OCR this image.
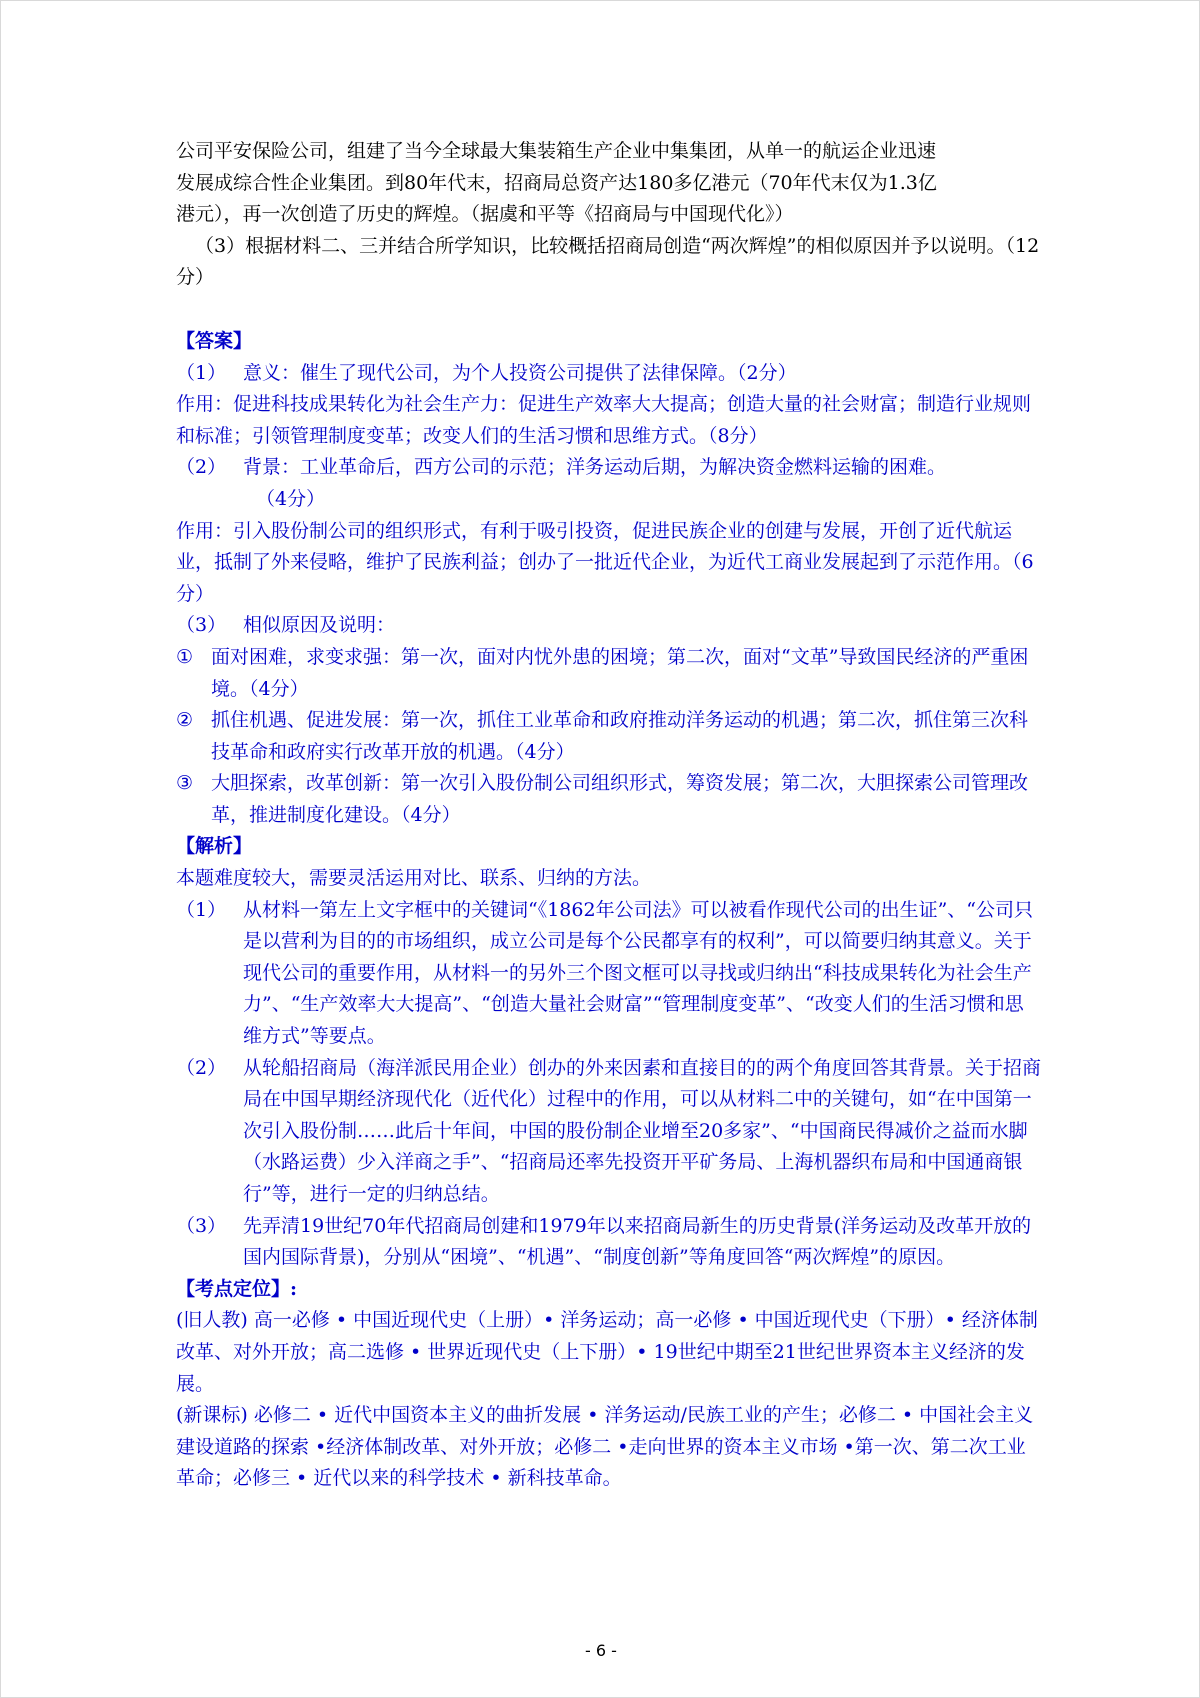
公司平安保险公司，组建了当今全球最大集装箱生产企业中集集团，从单一的航运企业迅速

发展成综合性企业集团。到80年代末，招商局总资产达180多亿港元（70年代末仅为1.3亿

港元），再一次创造了历史的辉煌。（据虞和平等《招商局与中国现代化》）

（3）根据材料二、三并结合所学知识，比较概括招商局创造“两次辉煌”的相似原因并予以说明。（12分）

【答案】

（1） 意义：催生了现代公司，为个人投资公司提供了法律保障。（2分）

作用：促进科技成果转化为社会生产力：促进生产效率大大提高；创造大量的社会财富；制造行业规则和标准；引领管理制度变革；改变人们的生活习惯和思维方式。（8分）

（2） 背景：工业革命后，西方公司的示范；洋务运动后期，为解决资金燃料运输的困难。

（4分）

作用：引入股份制公司的组织形式，有利于吸引投资，促进民族企业的创建与发展，开创了近代航运业，抵制了外来侵略，维护了民族利益；创办了一批近代企业，为近代工商业发展起到了示范作用。（6分）

（3） 相似原因及说明：
① 面对困难，求变求强：第一次，面对内忧外患的困境；第二次，面对“文革”导致国民经济的严重困境。（4分）
② 抓住机遇、促进发展：第一次，抓住工业革命和政府推动洋务运动的机遇；第二次，抓住第三次科技革命和政府实行改革开放的机遇。（4分）
③ 大胆探索，改革创新：第一次引入股份制公司组织形式，筹资发展；第二次，大胆探索公司管理改革，推进制度化建设。（4分）

【解析】

本题难度较大，需要灵活运用对比、联系、归纳的方法。

（1） 从材料一第左上文字框中的关键词“《1862年公司法》可以被看作现代公司的出生证”、“公司只是以营利为目的的市场组织，成立公司是每个公民都享有的权利”，可以简要归纳其意义。关于现代公司的重要作用，从材料一的另外三个图文框可以寻找或归纳出“科技成果转化为社会生产力”、“生产效率大大提高”、“创造大量社会财富”“管理制度变革”、“改变人们的生活习惯和思维方式”等要点。
（2） 从轮船招商局（海洋派民用企业）创办的外来因素和直接目的的两个角度回答其背景。关于招商局在中国早期经济现代化（近代化）过程中的作用，可以从材料二中的关键句，如“在中国第一次引入股份制……此后十年间，中国的股份制企业增至20多家”、“中国商民得减价之益而水脚（水路运费）少入洋商之手”、“招商局还率先投资开平矿务局、上海机器织布局和中国通商银行”等，进行一定的归纳总结。
（3） 先弄清19世纪70年代招商局创建和1979年以来招商局新生的历史背景(洋务运动及改革开放的国内国际背景)，分别从“困境”、“机遇”、“制度创新”等角度回答“两次辉煌”的原因。

【考点定位】:

(旧人教) 高一必修 • 中国近现代史（上册）• 洋务运动；高一必修 • 中国近现代史（下册）• 经济体制改革、对外开放；高二选修 • 世界近现代史（上下册）• 19世纪中期至21世纪世界资本主义经济的发展。

(新课标) 必修二 • 近代中国资本主义的曲折发展 • 洋务运动/民族工业的产生；必修二 • 中国社会主义建设道路的探索 •经济体制改革、对外开放；必修二 •走向世界的资本主义市场 •第一次、第二次工业革命；必修三 • 近代以来的科学技术 • 新科技革命。

- 6 -
